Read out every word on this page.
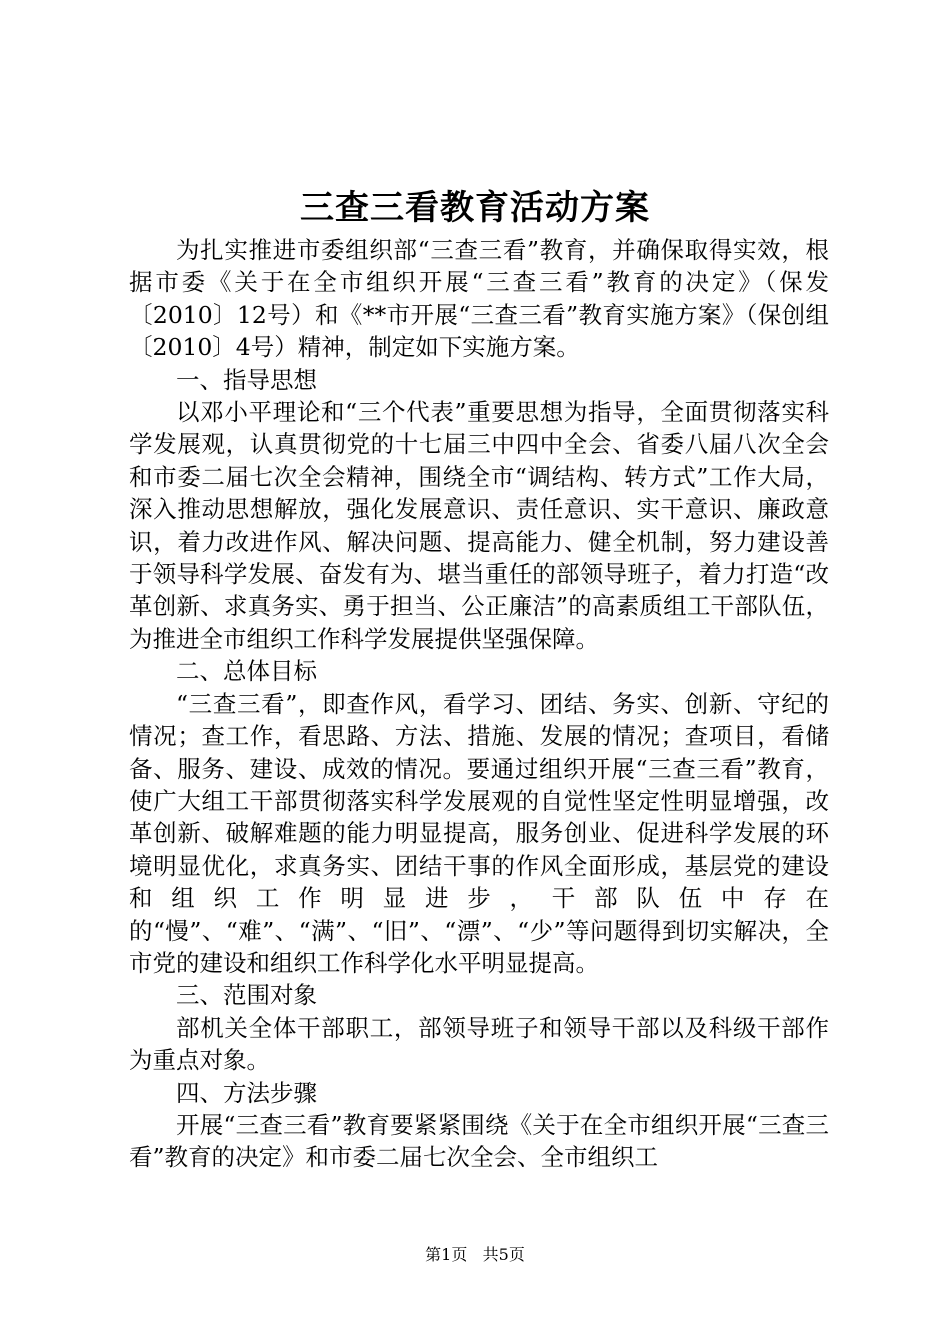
三查三看教育活动方案

为扎实推进市委组织部“三查三看”教育，并确保取得实效，根据市委《关于在全市组织开展“三查三看”教育的决定》（保发〔2010〕12号）和《**市开展“三查三看”教育实施方案》（保创组〔2010〕4号）精神，制定如下实施方案。

一、指导思想

以邓小平理论和“三个代表”重要思想为指导，全面贯彻落实科学发展观，认真贯彻党的十七届三中四中全会、省委八届八次全会和市委二届七次全会精神，围绕全市“调结构、转方式”工作大局，深入推动思想解放，强化发展意识、责任意识、实干意识、廉政意识，着力改进作风、解决问题、提高能力、健全机制，努力建设善于领导科学发展、奋发有为、堪当重任的部领导班子，着力打造“改革创新、求真务实、勇于担当、公正廉洁”的高素质组工干部队伍，为推进全市组织工作科学发展提供坚强保障。

二、总体目标

“三查三看”，即查作风，看学习、团结、务实、创新、守纪的情况；查工作，看思路、方法、措施、发展的情况；查项目，看储备、服务、建设、成效的情况。要通过组织开展“三查三看”教育，使广大组工干部贯彻落实科学发展观的自觉性坚定性明显增强，改革创新、破解难题的能力明显提高，服务创业、促进科学发展的环境明显优化，求真务实、团结干事的作风全面形成，基层党的建设和组织工作明显进步，干部队伍中存在的“慢”、“难”、“满”、“旧”、“漂”、“少”等问题得到切实解决，全市党的建设和组织工作科学化水平明显提高。

三、范围对象

部机关全体干部职工，部领导班子和领导干部以及科级干部作为重点对象。

四、方法步骤

开展“三查三看”教育要紧紧围绕《关于在全市组织开展“三查三看”教育的决定》和市委二届七次全会、全市组织工

第1页 共5页
